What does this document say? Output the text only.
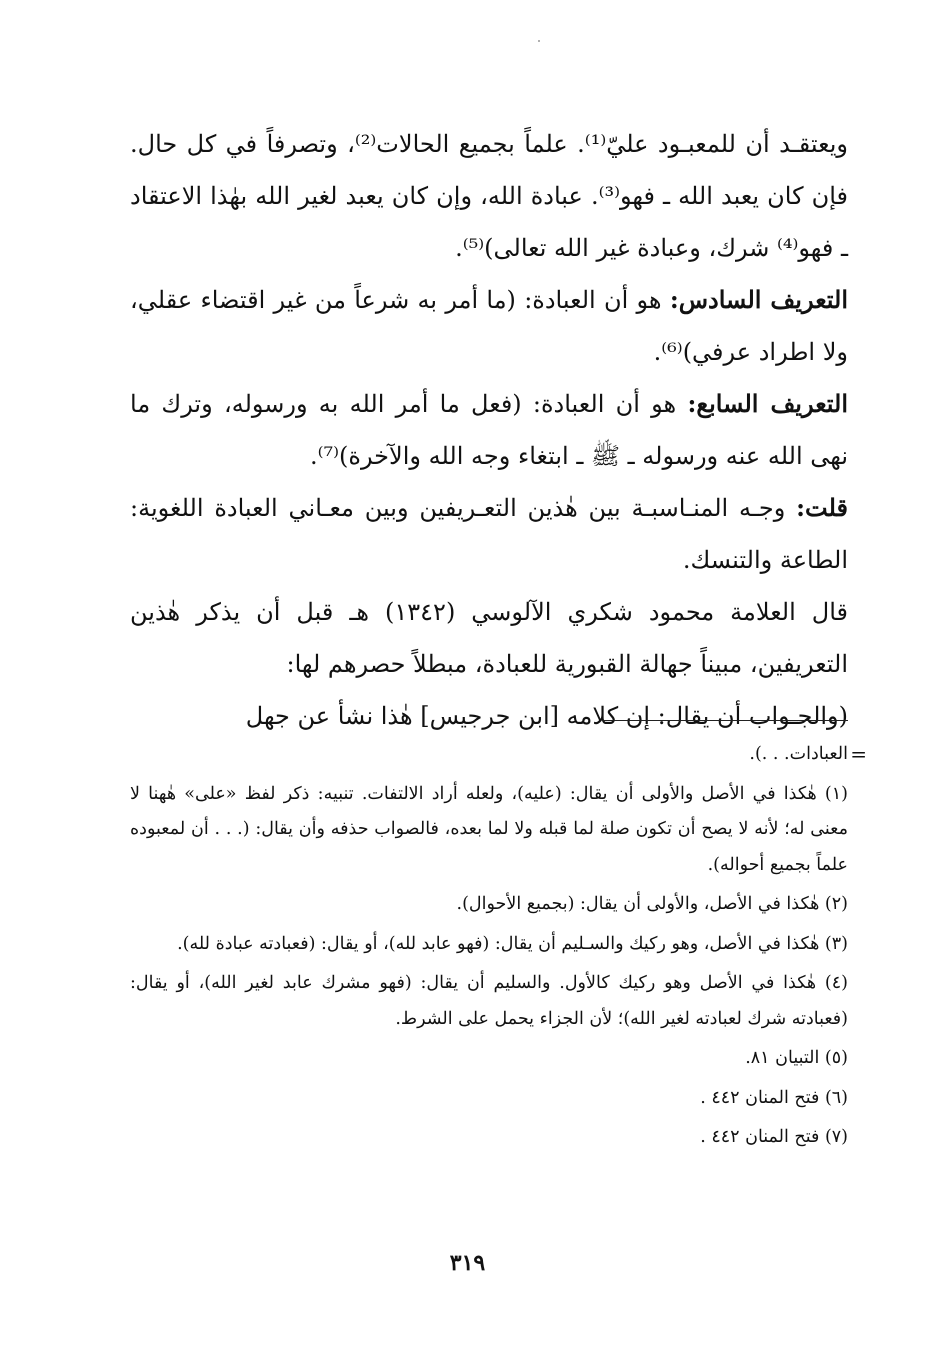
ويعتقـد أن للمعبـود عليّ⁽¹⁾. علماً بجميع الحالات⁽²⁾، وتصرفاً في كل حال. فإن كان يعبد الله ـ فهو⁽³⁾. عبادة الله، وإن كان يعبد لغير الله بهٰذا الاعتقاد ـ فهو⁽⁴⁾ شرك، وعبادة غير الله تعالى)⁽⁵⁾.

التعريف السادس: هو أن العبادة: (ما أمر به شرعاً من غير اقتضاء عقلي، ولا اطراد عرفي)⁽⁶⁾.

التعريف السابع: هو أن العبادة: (فعل ما أمر الله به ورسوله، وترك ما نهى الله عنه ورسوله ـ ﷺ ـ ابتغاء وجه الله والآخرة)⁽⁷⁾.

قلت: وجـه المنـاسبـة بين هٰذين التعـريفين وبين معـاني العبادة اللغوية: الطاعة والتنسك.

قال العلامة محمود شكري الآلوسي (١٣٤٢) هـ قبل أن يذكر هٰذين التعريفين، مبيناً جهالة القبورية للعبادة، مبطلاً حصرهم لها:

(والجـواب أن يقال: إن كلامه [ابن جرجيس] هٰذا نشأ عن جهل

=
العبادات. . .).

(١) هٰكذا في الأصل والأولى أن يقال: (عليه)، ولعله أراد الالتفات. تنبيه: ذكر لفظ «على» هٰهنا لا معنى له؛ لأنه لا يصح أن تكون صلة لما قبله ولا لما بعده، فالصواب حذفه وأن يقال: (. . . أن لمعبوده علماً بجميع أحواله).

(٢) هٰكذا في الأصل، والأولى أن يقال: (بجميع الأحوال).

(٣) هٰكذا في الأصل، وهو ركيك والسـليم أن يقال: (فهو عابد لله)، أو يقال: (فعبادته عبادة لله).

(٤) هٰكذا في الأصل وهو ركيك كالأول. والسليم أن يقال: (فهو مشرك عابد لغير الله)، أو يقال: (فعبادته شرك لعبادته لغير الله)؛ لأن الجزاء يحمل على الشرط.

(٥) التبيان ٨١.

(٦) فتح المنان ٤٤٢ .

(٧) فتح المنان ٤٤٢ .

٣١٩
